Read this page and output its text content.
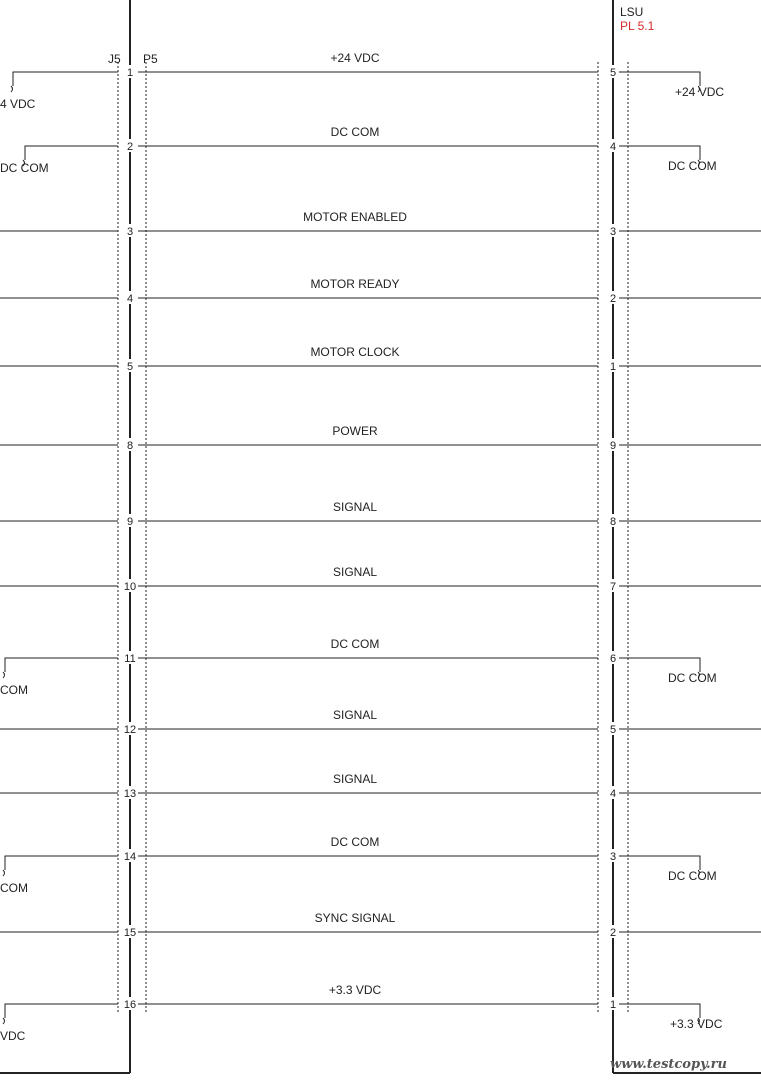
J5 P5
LSU
PL 5.1
4 VDC
+24 VDC
1	5
+24 VDC
DC COM	DC COM
2	4
DC COM
3	3
MOTOR ENABLED
4	2
MOTOR READY
5	1
MOTOR CLOCK
8	9
POWER
9	8
SIGNAL
10	7
SIGNAL
COM
DC COM
11	6
DC COM
12	5
SIGNAL
13	4
SIGNAL
COM
DC COM
14	3
DC COM
15	2
SYNC SIGNAL
VDC
+3.3 VDC
16	1
+3.3 VDC
www.testcopy.ru
